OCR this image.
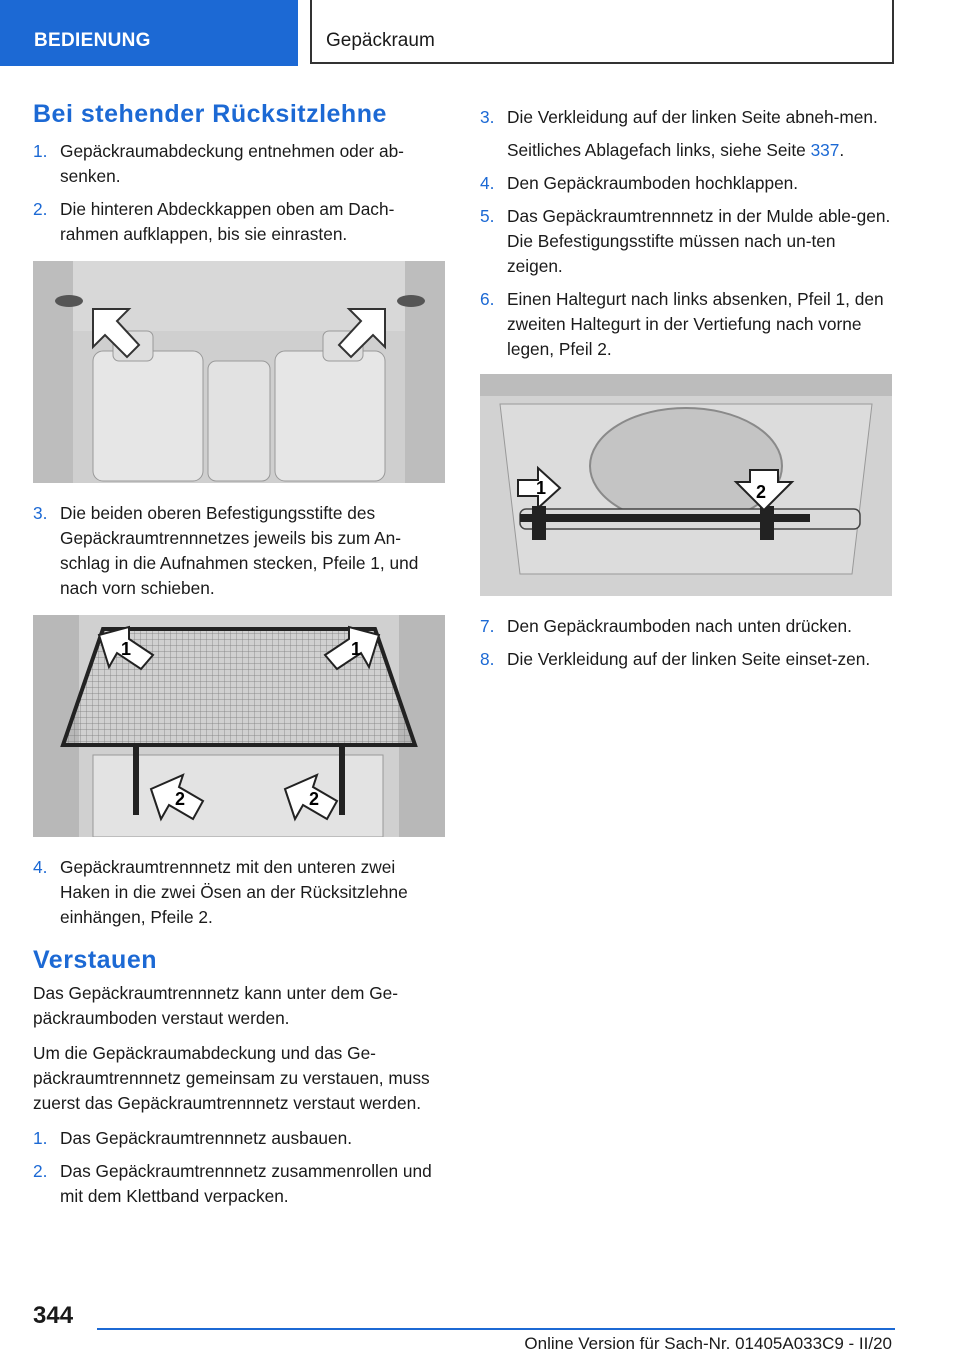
BEDIENUNG	Gepäckraum
Bei stehender Rücksitzlehne
1. Gepäckraumabdeckung entnehmen oder ab-senken.
2. Die hinteren Abdeckkappen oben am Dach-rahmen aufklappen, bis sie einrasten.
3. Die beiden oberen Befestigungsstifte des Gepäckraumtrennnetzes jeweils bis zum An-schlag in die Aufnahmen stecken, Pfeile 1, und nach vorn schieben.
1	1
2	2
4. Gepäckraumtrennnetz mit den unteren zwei Haken in die zwei Ösen an der Rücksitzlehne einhängen, Pfeile 2.
Verstauen

Das Gepäckraumtrennnetz kann unter dem Ge-päckraumboden verstaut werden.

Um die Gepäckraumabdeckung und das Ge-päckraumtrennnetz gemeinsam zu verstauen, muss zuerst das Gepäckraumtrennnetz verstaut werden.

1. Das Gepäckraumtrennnetz ausbauen.
2. Das Gepäckraumtrennnetz zusammenrollen und mit dem Klettband verpacken.
3. Die Verkleidung auf der linken Seite abneh-men.
Seitliches Ablagefach links, siehe Seite 337.
4. Den Gepäckraumboden hochklappen.
5. Das Gepäckraumtrennnetz in der Mulde able-gen. Die Befestigungsstifte müssen nach un-ten zeigen.
6. Einen Haltegurt nach links absenken, Pfeil 1, den zweiten Haltegurt in der Vertiefung nach vorne legen, Pfeil 2.
1	2
7. Den Gepäckraumboden nach unten drücken.
8. Die Verkleidung auf der linken Seite einset-zen.
344
Online Version für Sach-Nr. 01405A033C9 - II/20
